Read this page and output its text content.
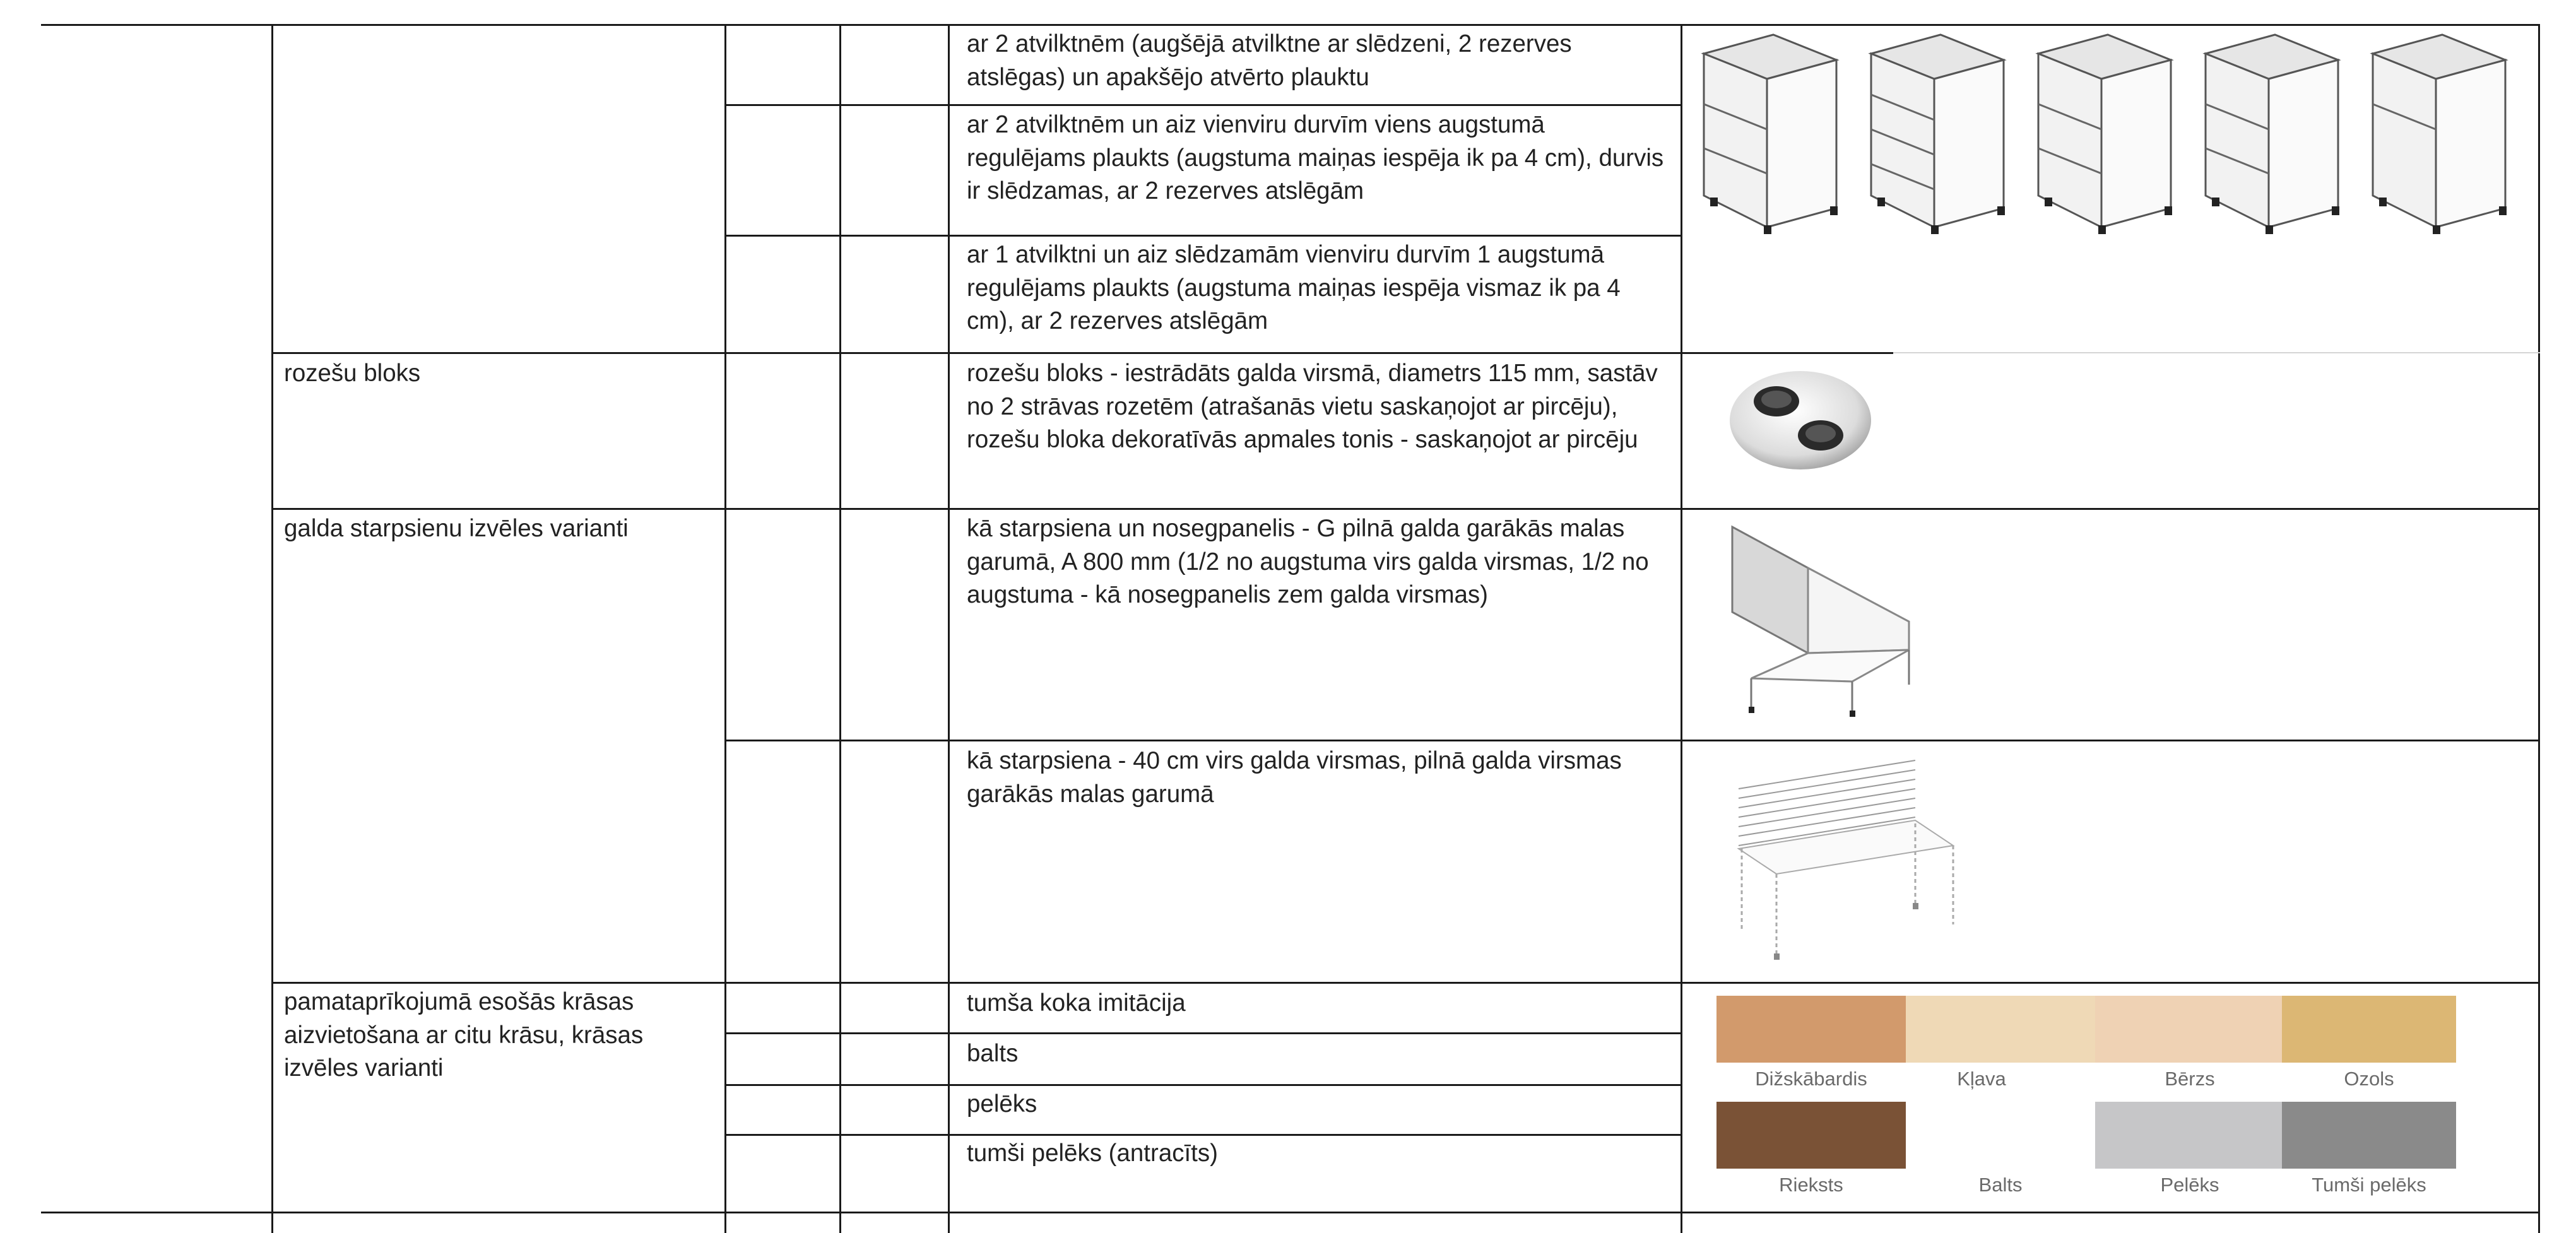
ar 2 atvilktnēm (augšējā atvilktne ar slēdzeni, 2 rezerves atslēgas) un apakšējo atvērto plauktu
ar 2 atvilktnēm un aiz vienviru durvīm viens augstumā regulējams plaukts (augstuma maiņas iespēja ik pa 4 cm), durvis ir slēdzamas, ar 2 rezerves atslēgām
ar 1 atvilktni un aiz slēdzamām vienviru durvīm 1 augstumā regulējams plaukts (augstuma maiņas iespēja vismaz ik pa 4 cm), ar 2 rezerves atslēgām
rozešu bloks	rozešu bloks - iestrādāts galda virsmā, diametrs 115 mm, sastāv no 2 strāvas rozetēm (atrašanās vietu saskaņojot ar pircēju), rozešu bloka dekoratīvās apmales tonis - saskaņojot ar pircēju
galda starpsienu izvēles varianti	kā starpsiena un nosegpanelis - G pilnā galda garākās malas garumā, A 800 mm (1/2 no augstuma virs galda virsmas, 1/2 no augstuma - kā nosegpanelis zem galda virsmas)
kā starpsiena - 40 cm virs galda virsmas, pilnā galda virsmas garākās malas garumā
pamataprīkojumā esošās krāsas aizvietošana ar citu krāsu, krāsas izvēles varianti
tumša koka imitācija
balts
pelēks
tumši pelēks (antracīts)
Dižskābardis	Kļava	Bērzs	Ozols
Rieksts	Balts	Pelēks	Tumši pelēks
